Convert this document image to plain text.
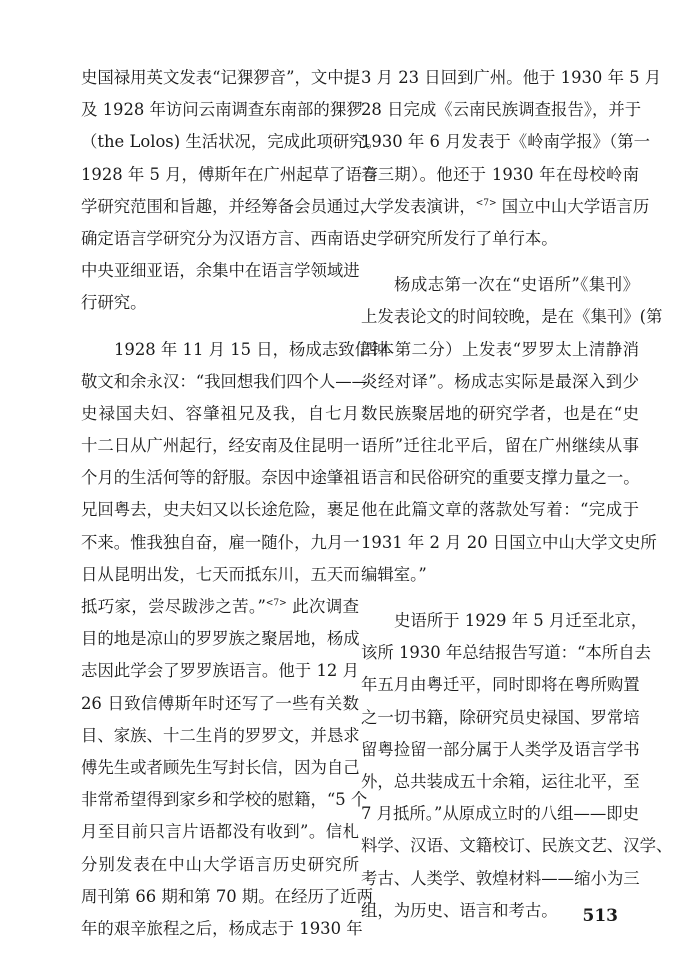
史国禄用英文发表“记猓猡音”，文中提
及 1928 年访问云南调查东南部的猓猡
（the Lolos) 生活状况，完成此项研究。
1928 年 5 月，傅斯年在广州起草了语言
学研究范围和旨趣，并经筹备会员通过，
确定语言学研究分为汉语方言、西南语、
中央亚细亚语，余集中在语言学领域进
行研究。
1928 年 11 月 15 日，杨成志致信钟
敬文和余永汉：“我回想我们四个人——
史禄国夫妇、容肇祖兄及我，自七月
十二日从广州起行，经安南及住昆明一
个月的生活何等的舒服。奈因中途肇祖
兄回粤去，史夫妇又以长途危险，裹足
不来。惟我独自奋，雇一随仆，九月一
日从昆明出发，七天而抵东川，五天而
抵巧家，尝尽跋涉之苦。”$^{<7>}$ 此次调查
目的地是凉山的罗罗族之聚居地，杨成
志因此学会了罗罗族语言。他于 12 月
26 日致信傅斯年时还写了一些有关数
目、家族、十二生肖的罗罗文，并恳求
傅先生或者顾先生写封长信，因为自己
非常希望得到家乡和学校的慰籍，“5 个
月至目前只言片语都没有收到”。信札
分别发表在中山大学语言历史研究所
周刊第 66 期和第 70 期。在经历了近两
年的艰辛旅程之后，杨成志于 1930 年
3 月 23 日回到广州。他于 1930 年 5 月
28 日完成《云南民族调查报告》，并于
1930 年 6 月发表于《岭南学报》（第一
卷三期）。他还于 1930 年在母校岭南
大学发表演讲，$^{<7>}$ 国立中山大学语言历
史学研究所发行了单行本。
杨成志第一次在“史语所”《集刊》
上发表论文的时间较晚，是在《集刊》(第
四本第二分）上发表“罗罗太上清静消
炎经对译”。杨成志实际是最深入到少
数民族聚居地的研究学者，也是在“史
语所”迁往北平后，留在广州继续从事
语言和民俗研究的重要支撑力量之一。
他在此篇文章的落款处写着：“完成于
1931 年 2 月 20 日国立中山大学文史所
编辑室。”
史语所于 1929 年 5 月迁至北京，
该所 1930 年总结报告写道：“本所自去
年五月由粤迁平，同时即将在粤所购置
之一切书籍，除研究员史禄国、罗常培
留粤捡留一部分属于人类学及语言学书
外，总共装成五十余箱，运往北平，至
7 月抵所。”从原成立时的八组——即史
料学、汉语、文籍校订、民族文艺、汉学、
考古、人类学、敦煌材料——缩小为三
组，为历史、语言和考古。	513
